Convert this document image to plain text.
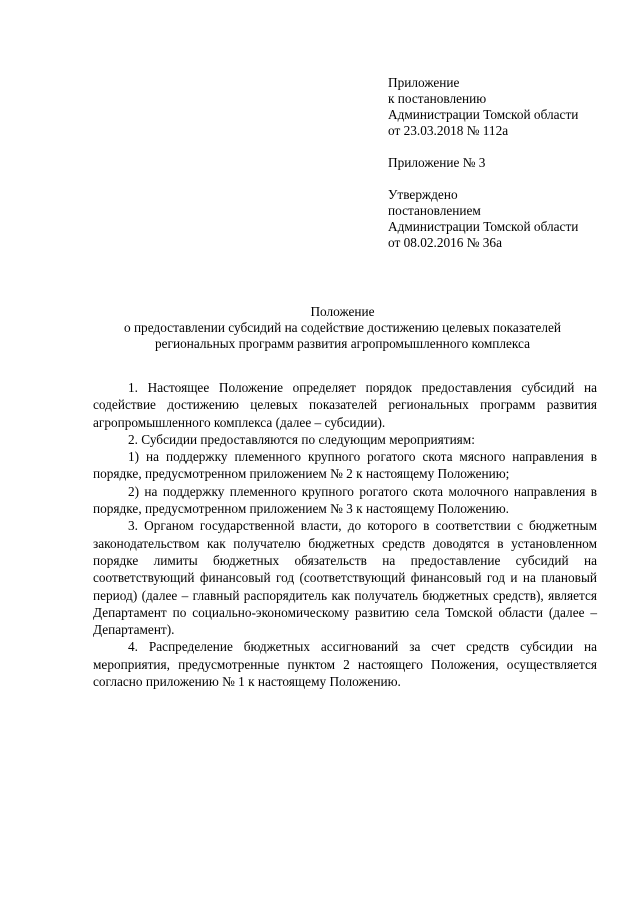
Приложение
к постановлению
Администрации Томской области
от 23.03.2018 № 112а
Приложение № 3
Утверждено
постановлением
Администрации Томской области
от 08.02.2016 № 36а
Положение
о предоставлении субсидий на содействие достижению целевых показателей
региональных программ развития агропромышленного комплекса

1. Настоящее Положение определяет порядок предоставления субсидий на содействие достижению целевых показателей региональных программ развития агропромышленного комплекса (далее – субсидии).

2. Субсидии предоставляются по следующим мероприятиям:

1) на поддержку племенного крупного рогатого скота мясного направления в порядке, предусмотренном приложением № 2 к настоящему Положению;

2) на поддержку племенного крупного рогатого скота молочного направления в порядке, предусмотренном приложением № 3 к настоящему Положению.

3. Органом государственной власти, до которого в соответствии с бюджетным законодательством как получателю бюджетных средств доводятся в установленном порядке лимиты бюджетных обязательств на предоставление субсидий на соответствующий финансовый год (соответствующий финансовый год и на плановый период) (далее – главный распорядитель как получатель бюджетных средств), является Департамент по социально-экономическому развитию села Томской области (далее – Департамент).

4. Распределение бюджетных ассигнований за счет средств субсидии на мероприятия, предусмотренные пунктом 2 настоящего Положения, осуществляется согласно приложению № 1 к настоящему Положению.
